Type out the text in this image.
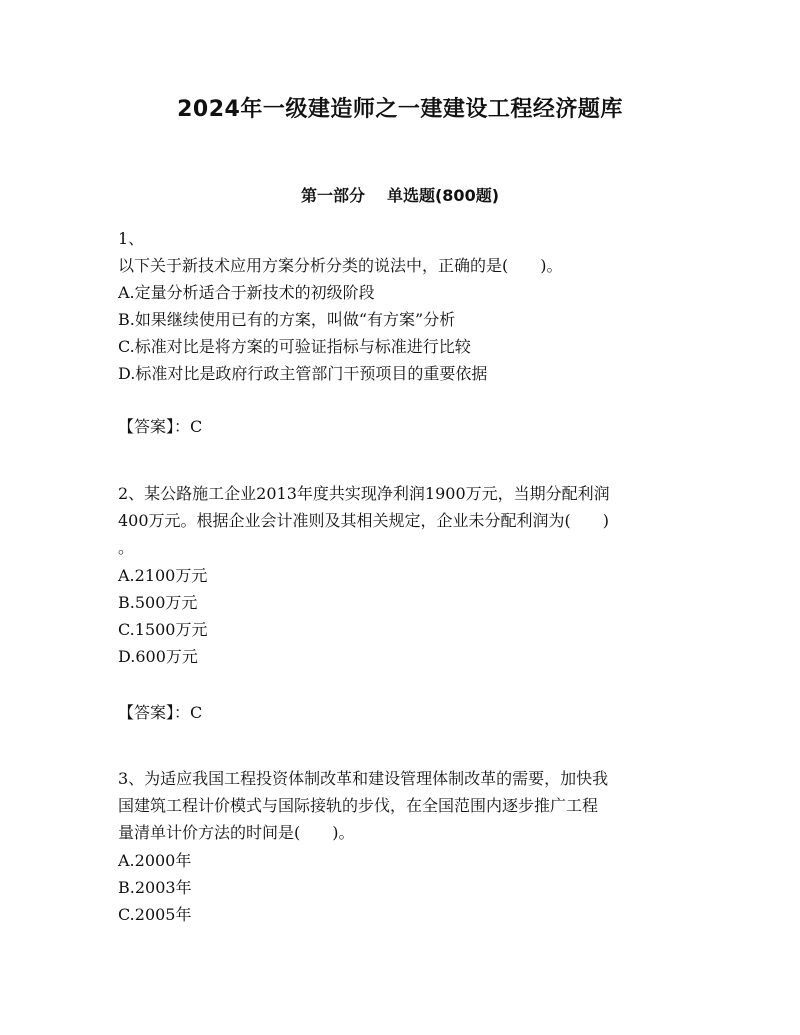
2024年一级建造师之一建建设工程经济题库
第一部分 单选题(800题)
1、
以下关于新技术应用方案分析分类的说法中，正确的是(　　)。
A.定量分析适合于新技术的初级阶段
B.如果继续使用已有的方案，叫做“有方案”分析
C.标准对比是将方案的可验证指标与标准进行比较
D.标准对比是政府行政主管部门干预项目的重要依据
【答案】：C
2、某公路施工企业2013年度共实现净利润1900万元，当期分配利润
400万元。根据企业会计准则及其相关规定，企业未分配利润为(　　)
。
A.2100万元
B.500万元
C.1500万元
D.600万元
【答案】：C
3、为适应我国工程投资体制改革和建设管理体制改革的需要，加快我
国建筑工程计价模式与国际接轨的步伐，在全国范围内逐步推广工程
量清单计价方法的时间是(　　)。
A.2000年
B.2003年
C.2005年
